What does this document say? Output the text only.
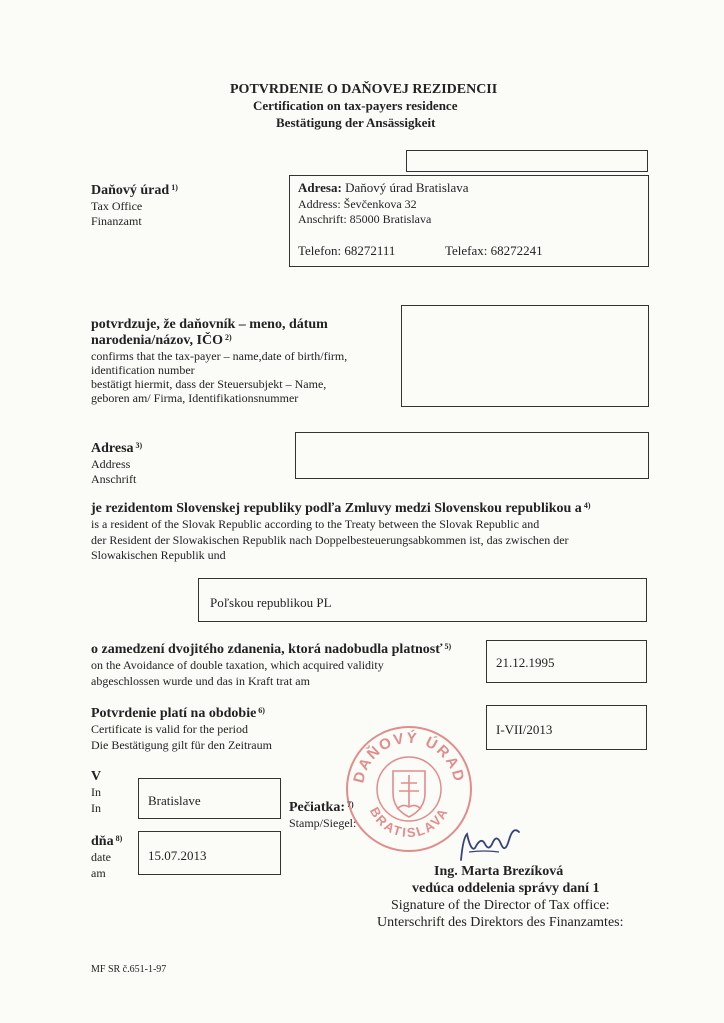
POTVRDENIE O DAŇOVEJ REZIDENCII
Certification on tax-payers residence
Bestätigung der Ansässigkeit
Daňový úrad $^{1)}$
Tax Office
Finanzamt
Adresa: Daňový úrad Bratislava
Address: Ševčenkova 32
Anschrift: 85000 Bratislava
Telefon: 68272111	Telefax: 68272241
potvrdzuje, že daňovník – meno, dátum
narodenia/názov, IČO $^{2)}$
confirms that the tax-payer – name,date of birth/firm,
identification number
bestätigt hiermit, dass der Steuersubjekt – Name,
geboren am/ Firma, Identifikationsnummer
Adresa $^{3)}$
Address
Anschrift
je rezidentom Slovenskej republiky podľa Zmluvy medzi Slovenskou republikou a $^{4)}$
is a resident of the Slovak Republic according to the Treaty between the Slovak Republic and
der Resident der Slowakischen Republik nach Doppelbesteuerungsabkommen ist, das zwischen der
Slowakischen Republik und
Poľskou republikou PL
o zamedzení dvojitého zdanenia, ktorá nadobudla platnosť $^{5)}$
on the Avoidance of double taxation, which acquired validity
abgeschlossen wurde und das in Kraft trat am
21.12.1995
Potvrdenie platí na obdobie $^{6)}$
Certificate is valid for the period
Die Bestätigung gilt für den Zeitraum
I-VII/2013
V
In
In	Bratislave
dňa $^{8)}$
date
am
15.07.2013
Pečiatka: $^{7)}$
Stamp/Siegel:
DAŇOVÝ ÚRAD
BRATISLAVA
Ing. Marta Brezíková
vedúca oddelenia správy daní 1
Signature of the Director of Tax office:
Unterschrift des Direktors des Finanzamtes:
MF SR č.651-1-97
